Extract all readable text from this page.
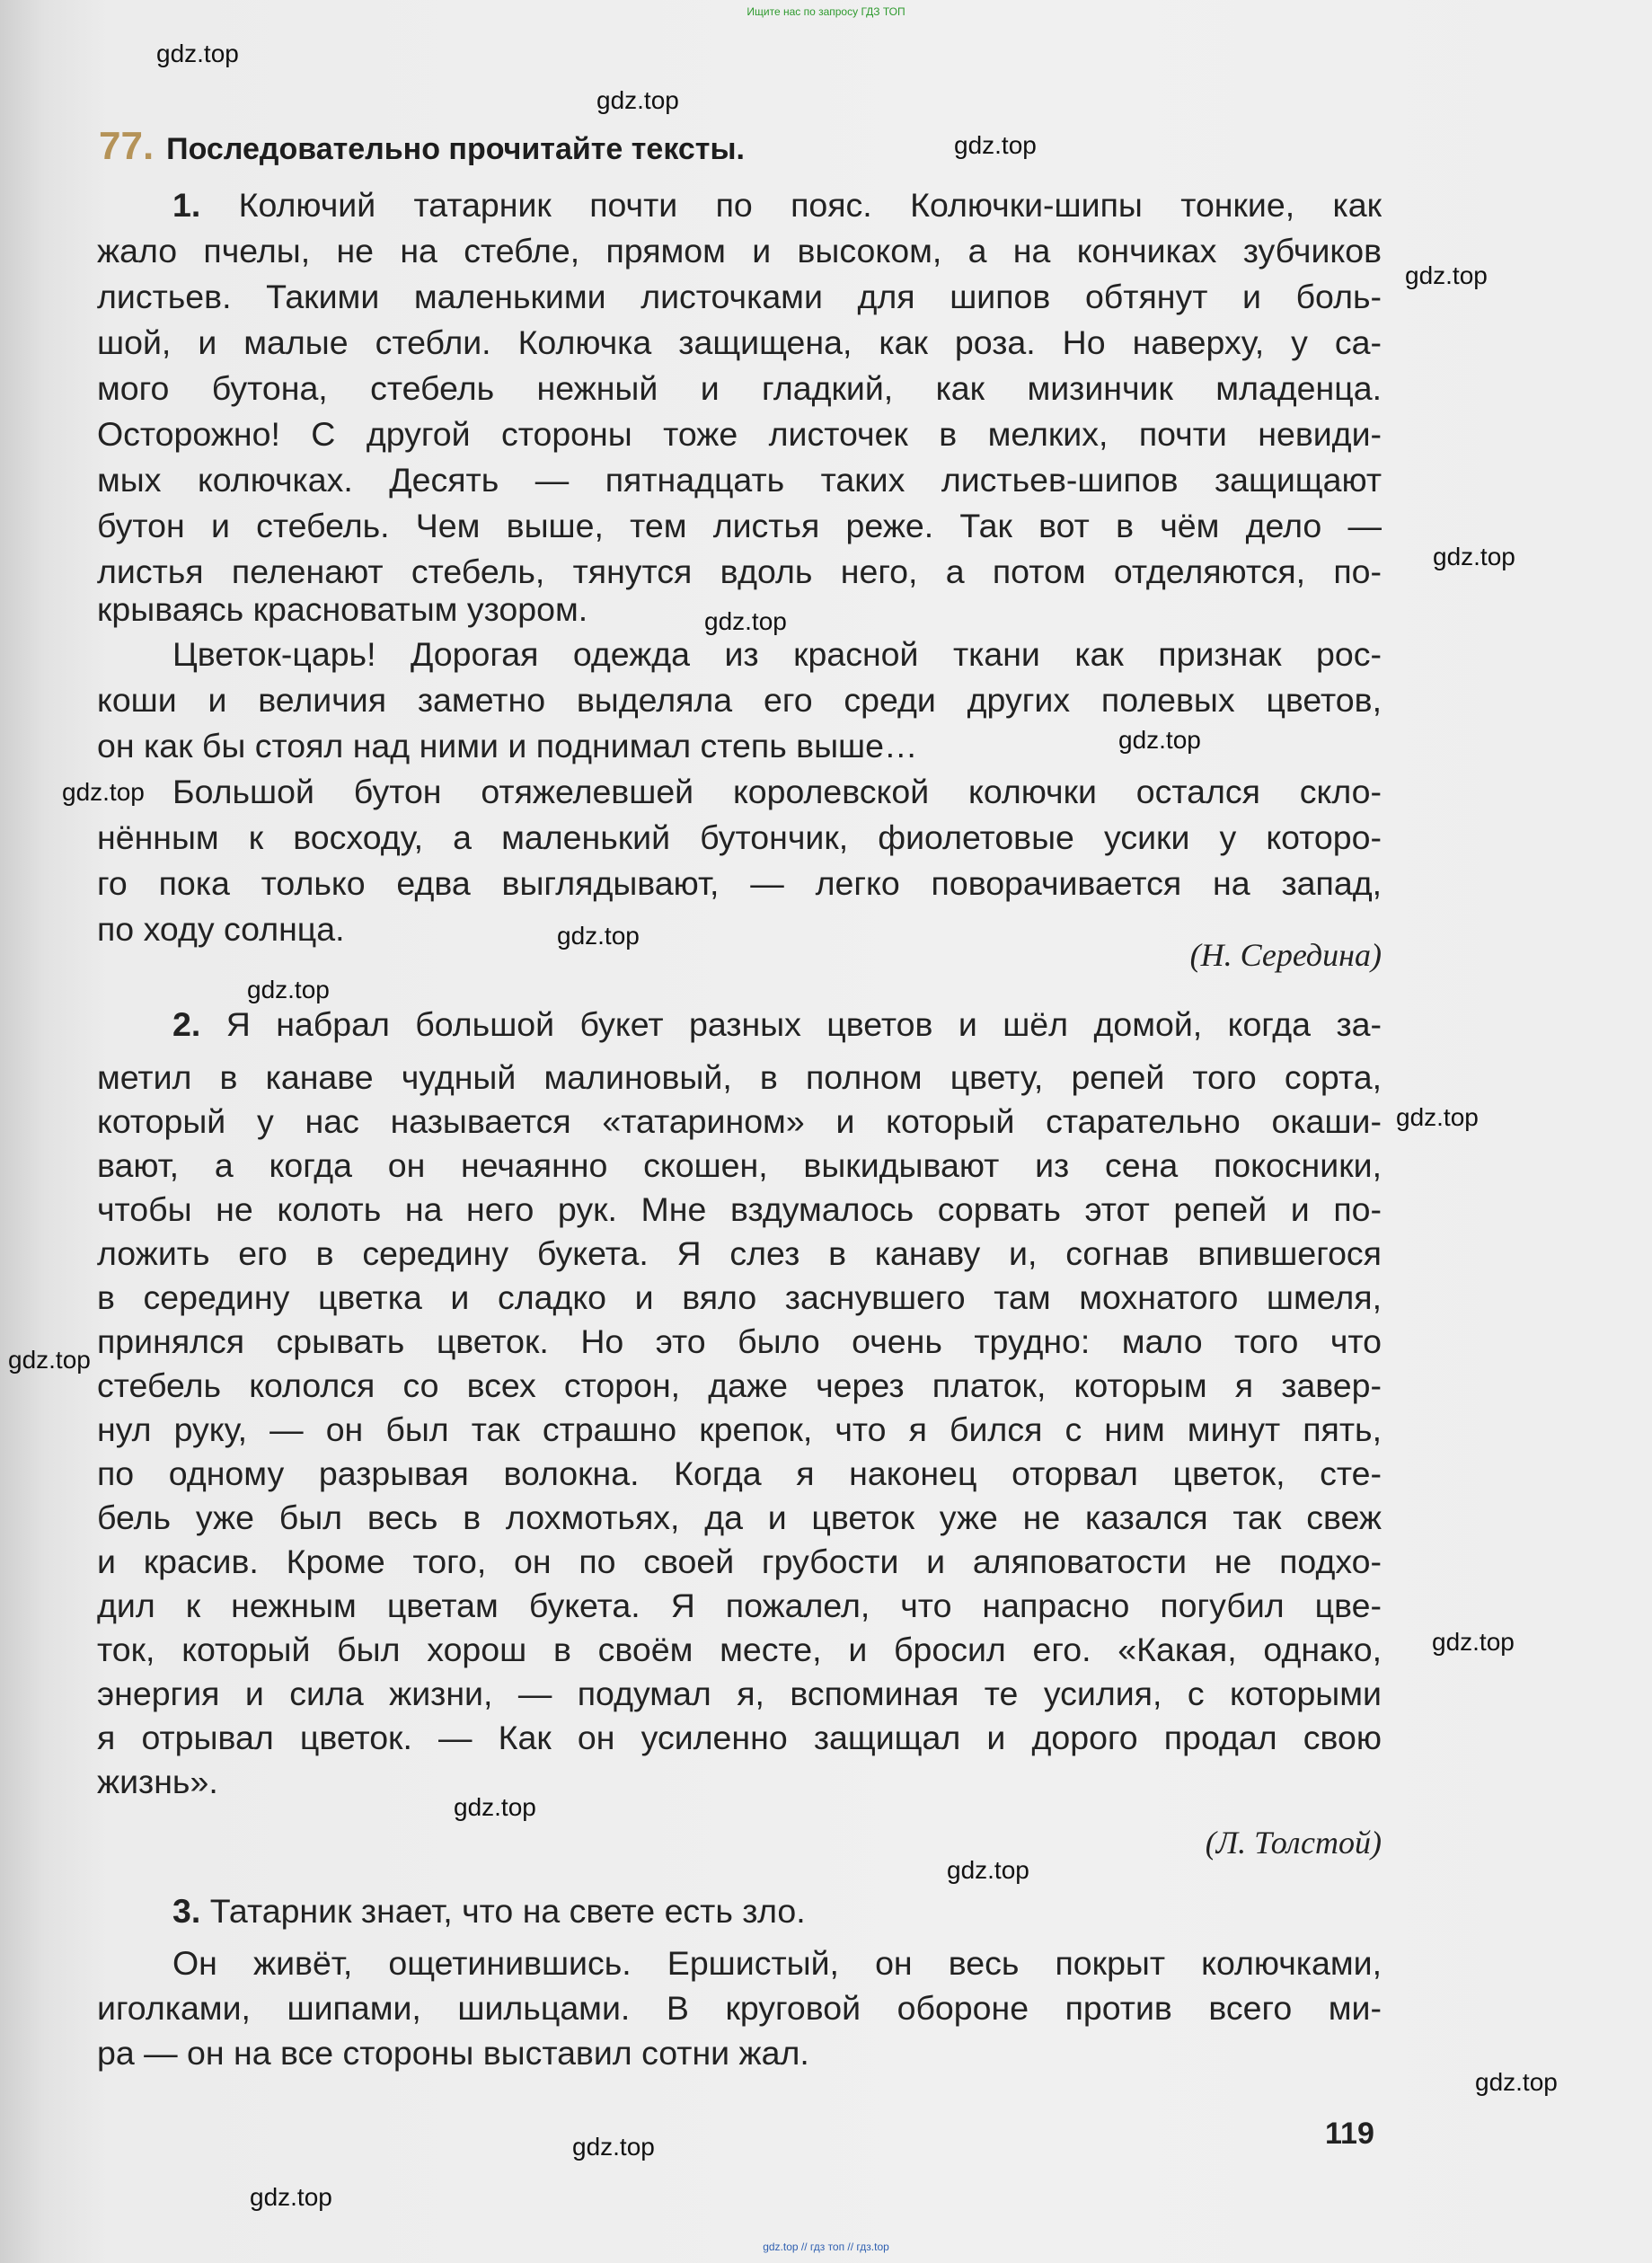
Ищите нас по запросу ГДЗ ТОП
gdz.top
gdz.top
gdz.top
gdz.top
gdz.top
gdz.top
gdz.top
gdz.top
gdz.top
gdz.top
gdz.top
gdz.top
gdz.top
gdz.top
gdz.top
gdz.top
gdz.top
gdz.top
77. Последовательно прочитайте тексты.
1. Колючий татарник почти по пояс. Колючки-шипы тонкие, как
жало пчелы, не на стебле, прямом и высоком, а на кончиках зубчиков
листьев. Такими маленькими листочками для шипов обтянут и боль-
шой, и малые стебли. Колючка защищена, как роза. Но наверху, у са-
мого бутона, стебель нежный и гладкий, как мизинчик младенца.
Осторожно! С другой стороны тоже листочек в мелких, почти невиди-
мых колючках. Десять — пятнадцать таких листьев-шипов защищают
бутон и стебель. Чем выше, тем листья реже. Так вот в чём дело —
листья пеленают стебель, тянутся вдоль него, а потом отделяются, по-
крываясь красноватым узором.
Цветок-царь! Дорогая одежда из красной ткани как признак рос-
коши и величия заметно выделяла его среди других полевых цветов,
он как бы стоял над ними и поднимал степь выше…
Большой бутон отяжелевшей королевской колючки остался скло-
нённым к восходу, а маленький бутончик, фиолетовые усики у которо-
го пока только едва выглядывают, — легко поворачивается на запад,
по ходу солнца.
(Н. Середина)
2. Я набрал большой букет разных цветов и шёл домой, когда за-
метил в канаве чудный малиновый, в полном цвету, репей того сорта,
который у нас называется «татарином» и который старательно окаши-
вают, а когда он нечаянно скошен, выкидывают из сена покосники,
чтобы не колоть на него рук. Мне вздумалось сорвать этот репей и по-
ложить его в середину букета. Я слез в канаву и, согнав впившегося
в середину цветка и сладко и вяло заснувшего там мохнатого шмеля,
принялся срывать цветок. Но это было очень трудно: мало того что
стебель кололся со всех сторон, даже через платок, которым я завер-
нул руку, — он был так страшно крепок, что я бился с ним минут пять,
по одному разрывая волокна. Когда я наконец оторвал цветок, сте-
бель уже был весь в лохмотьях, да и цветок уже не казался так свеж
и красив. Кроме того, он по своей грубости и аляповатости не подхо-
дил к нежным цветам букета. Я пожалел, что напрасно погубил цве-
ток, который был хорош в своём месте, и бросил его. «Какая, однако,
энергия и сила жизни, — подумал я, вспоминая те усилия, с которыми
я отрывал цветок. — Как он усиленно защищал и дорого продал свою
жизнь».
(Л. Толстой)
3. Татарник знает, что на свете есть зло.
Он живёт, ощетинившись. Ершистый, он весь покрыт колючками,
иголками, шипами, шильцами. В круговой обороне против всего ми-
ра — он на все стороны выставил сотни жал.
119
gdz.top // гдз топ // гдз.top
